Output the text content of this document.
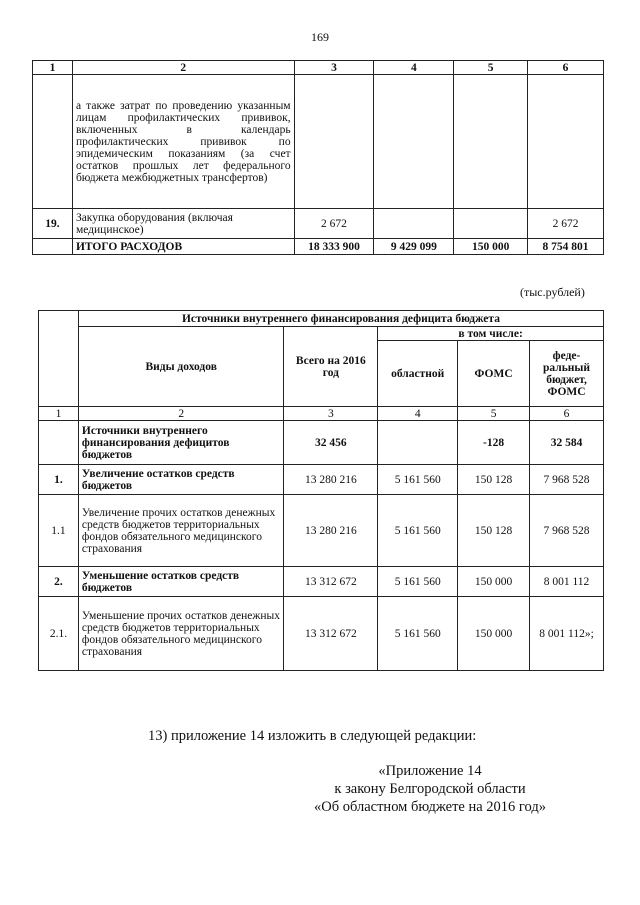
169
1	2	3	4	5	6
	а также затрат по проведению указанным лицам профилактических прививок, включенных в календарь профилактических прививок по эпидемическим показаниям (за счет остатков прошлых лет федерального бюджета межбюджетных трансфертов)				
19.	Закупка оборудования (включая медицинское)	2 672			2 672
	ИТОГО РАСХОДОВ	18 333 900	9 429 099	150 000	8 754 801
(тыс.рублей)
	Источники внутреннего финансирования дефицита бюджета				
	Виды доходов	Всего на 2016 год	в том числе:		
			областной	ФОМС	феде-ральный бюджет, ФОМС
1	2	3	4	5	6
	Источники внутреннего финансирования дефицитов бюджетов	32 456		-128	32 584
1.	Увеличение остатков средств бюджетов	13 280 216	5 161 560	150 128	7 968 528
1.1	Увеличение прочих остатков денежных средств бюджетов территориальных фондов обязательного медицинского страхования	13 280 216	5 161 560	150 128	7 968 528
2.	Уменьшение остатков средств бюджетов	13 312 672	5 161 560	150 000	8 001 112
2.1.	Уменьшение прочих остатков денежных средств бюджетов территориальных фондов обязательного медицинского страхования	13 312 672	5 161 560	150 000	8 001 112»;
13) приложение 14 изложить в следующей редакции:
«Приложение 14
к закону Белгородской области
«Об областном бюджете на 2016 год»
